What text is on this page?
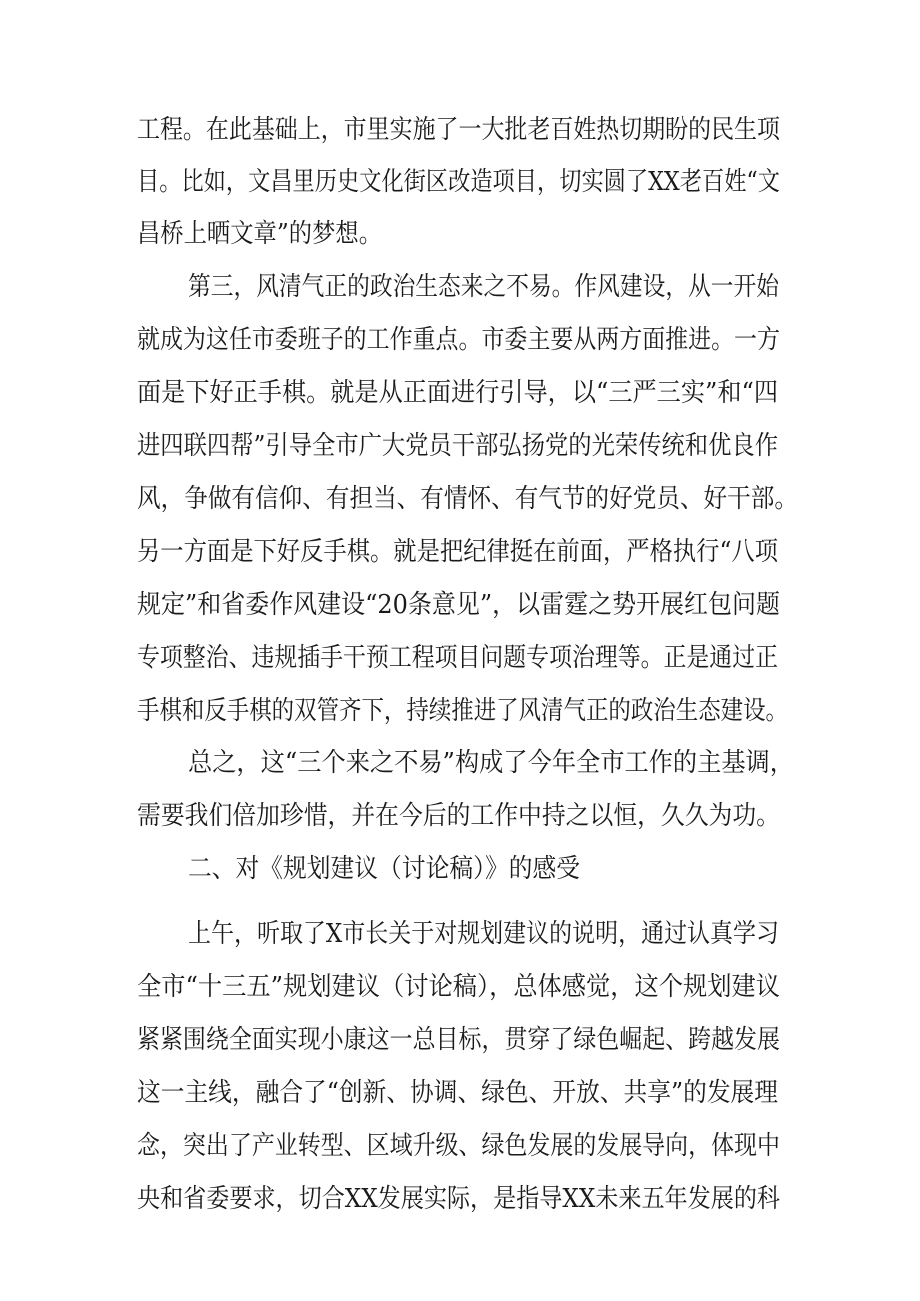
工程。在此基础上，市里实施了一大批老百姓热切期盼的民生项
目。比如，文昌里历史文化街区改造项目，切实圆了XX老百姓“文
昌桥上晒文章”的梦想。
第三，风清气正的政治生态来之不易。作风建设，从一开始
就成为这任市委班子的工作重点。市委主要从两方面推进。一方
面是下好正手棋。就是从正面进行引导，以“三严三实”和“四
进四联四帮”引导全市广大党员干部弘扬党的光荣传统和优良作
风，争做有信仰、有担当、有情怀、有气节的好党员、好干部。
另一方面是下好反手棋。就是把纪律挺在前面，严格执行“八项
规定”和省委作风建设“20条意见”，以雷霆之势开展红包问题
专项整治、违规插手干预工程项目问题专项治理等。正是通过正
手棋和反手棋的双管齐下，持续推进了风清气正的政治生态建设。
总之，这“三个来之不易”构成了今年全市工作的主基调，
需要我们倍加珍惜，并在今后的工作中持之以恒，久久为功。
二、对《规划建议（讨论稿）》的感受
上午，听取了X市长关于对规划建议的说明，通过认真学习
全市“十三五”规划建议（讨论稿），总体感觉，这个规划建议
紧紧围绕全面实现小康这一总目标，贯穿了绿色崛起、跨越发展
这一主线，融合了“创新、协调、绿色、开放、共享”的发展理
念，突出了产业转型、区域升级、绿色发展的发展导向，体现中
央和省委要求，切合XX发展实际，是指导XX未来五年发展的科
